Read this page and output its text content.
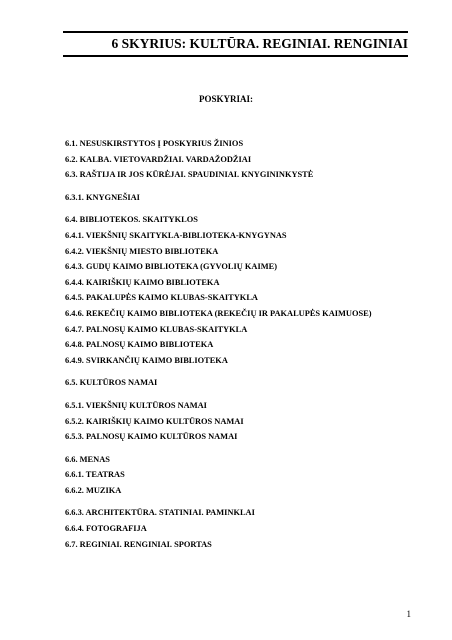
6 SKYRIUS: KULTŪRA. REGINIAI. RENGINIAI
POSKYRIAI:
6.1. NESUSKIRSTYTOS Į POSKYRIUS ŽINIOS
6.2. KALBA. VIETOVARDŽIAI. VARDAŽODŽIAI
6.3. RAŠTIJA IR JOS KŪRĖJAI. SPAUDINIAI. KNYGININKYSTĖ
6.3.1. KNYGNEŠIAI
6.4. BIBLIOTEKOS. SKAITYKLOS
6.4.1. VIEKŠNIŲ SKAITYKLA-BIBLIOTEKA-KNYGYNAS
6.4.2. VIEKŠNIŲ MIESTO BIBLIOTEKA
6.4.3. GUDŲ KAIMO BIBLIOTEKA (GYVOLIŲ KAIME)
6.4.4. KAIRIŠKIŲ KAIMO BIBLIOTEKA
6.4.5. PAKALUPĖS KAIMO KLUBAS-SKAITYKLA
6.4.6. REKEČIŲ KAIMO BIBLIOTEKA (REKEČIŲ IR PAKALUPĖS KAIMUOSE)
6.4.7. PALNOSŲ KAIMO KLUBAS-SKAITYKLA
6.4.8. PALNOSŲ KAIMO BIBLIOTEKA
6.4.9. SVIRKANČIŲ KAIMO BIBLIOTEKA
6.5. KULTŪROS NAMAI
6.5.1. VIEKŠNIŲ KULTŪROS NAMAI
6.5.2. KAIRIŠKIŲ KAIMO KULTŪROS NAMAI
6.5.3. PALNOSŲ KAIMO KULTŪROS NAMAI
6.6. MENAS
6.6.1. TEATRAS
6.6.2. MUZIKA
6.6.3. ARCHITEKTŪRA. STATINIAI. PAMINKLAI
6.6.4. FOTOGRAFIJA
6.7. REGINIAI. RENGINIAI. SPORTAS
1
